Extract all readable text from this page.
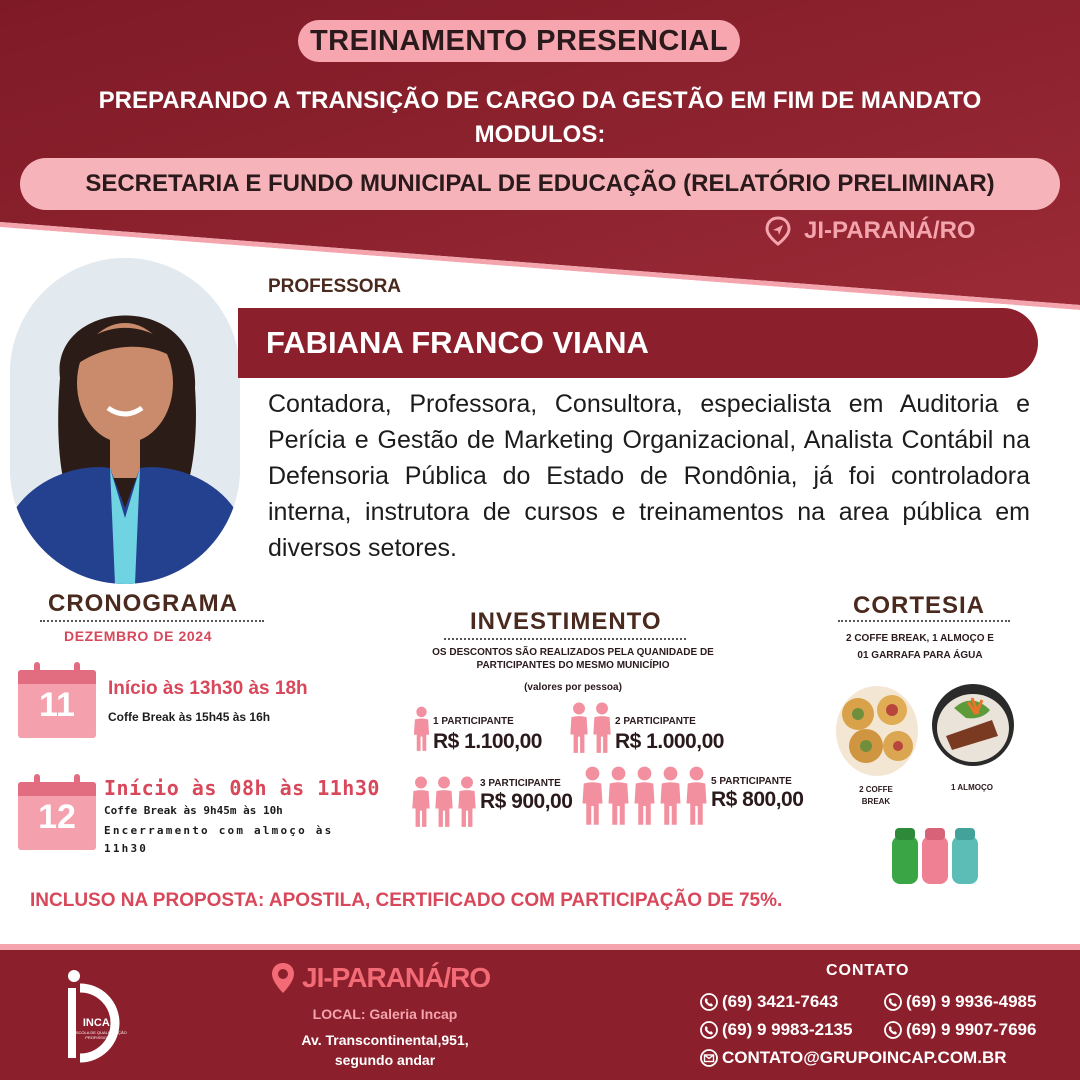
TREINAMENTO PRESENCIAL
PREPARANDO A TRANSIÇÃO DE CARGO DA GESTÃO EM FIM DE MANDATO
MODULOS:
SECRETARIA E FUNDO MUNICIPAL DE EDUCAÇÃO (RELATÓRIO PRELIMINAR)
JI-PARANÁ/RO
PROFESSORA
FABIANA FRANCO VIANA
Contadora, Professora, Consultora, especialista em Auditoria e Perícia e Gestão de Marketing Organizacional, Analista Contábil na Defensoria Pública do Estado de Rondônia, já foi controladora interna, instrutora de cursos e treinamentos na area pública em diversos setores.
CRONOGRAMA
DEZEMBRO DE 2024
11	Início às 13h30 às 18h
Coffe Break às 15h45 às 16h
12
Início às 08h às 11h30
Coffe Break às 9h45m às 10h
Encerramento com almoço às 11h30
INVESTIMENTO
OS DESCONTOS SÃO REALIZADOS PELA QUANIDADE DE PARTICIPANTES DO MESMO MUNICÍPIO
(valores por pessoa)
1 PARTICIPANTE
R$ 1.100,00
2 PARTICIPANTE
R$ 1.000,00
3 PARTICIPANTE
R$ 900,00
5 PARTICIPANTE
R$ 800,00
CORTESIA
2 COFFE BREAK, 1 ALMOÇO E
01 GARRAFA PARA ÁGUA
2 COFFE
BREAK
1 ALMOÇO
INCLUSO NA PROPOSTA: APOSTILA, CERTIFICADO COM PARTICIPAÇÃO DE 75%.
INCAP
ESCOLA DE QUALIFICAÇÃO
PROFISSIONAL
JI-PARANÁ/RO
LOCAL: Galeria Incap
Av. Transcontinental,951,
segundo andar
CONTATO
(69) 3421-7643	(69) 9 9936-4985
(69) 9 9983-2135	(69) 9 9907-7696
CONTATO@GRUPOINCAP.COM.BR
